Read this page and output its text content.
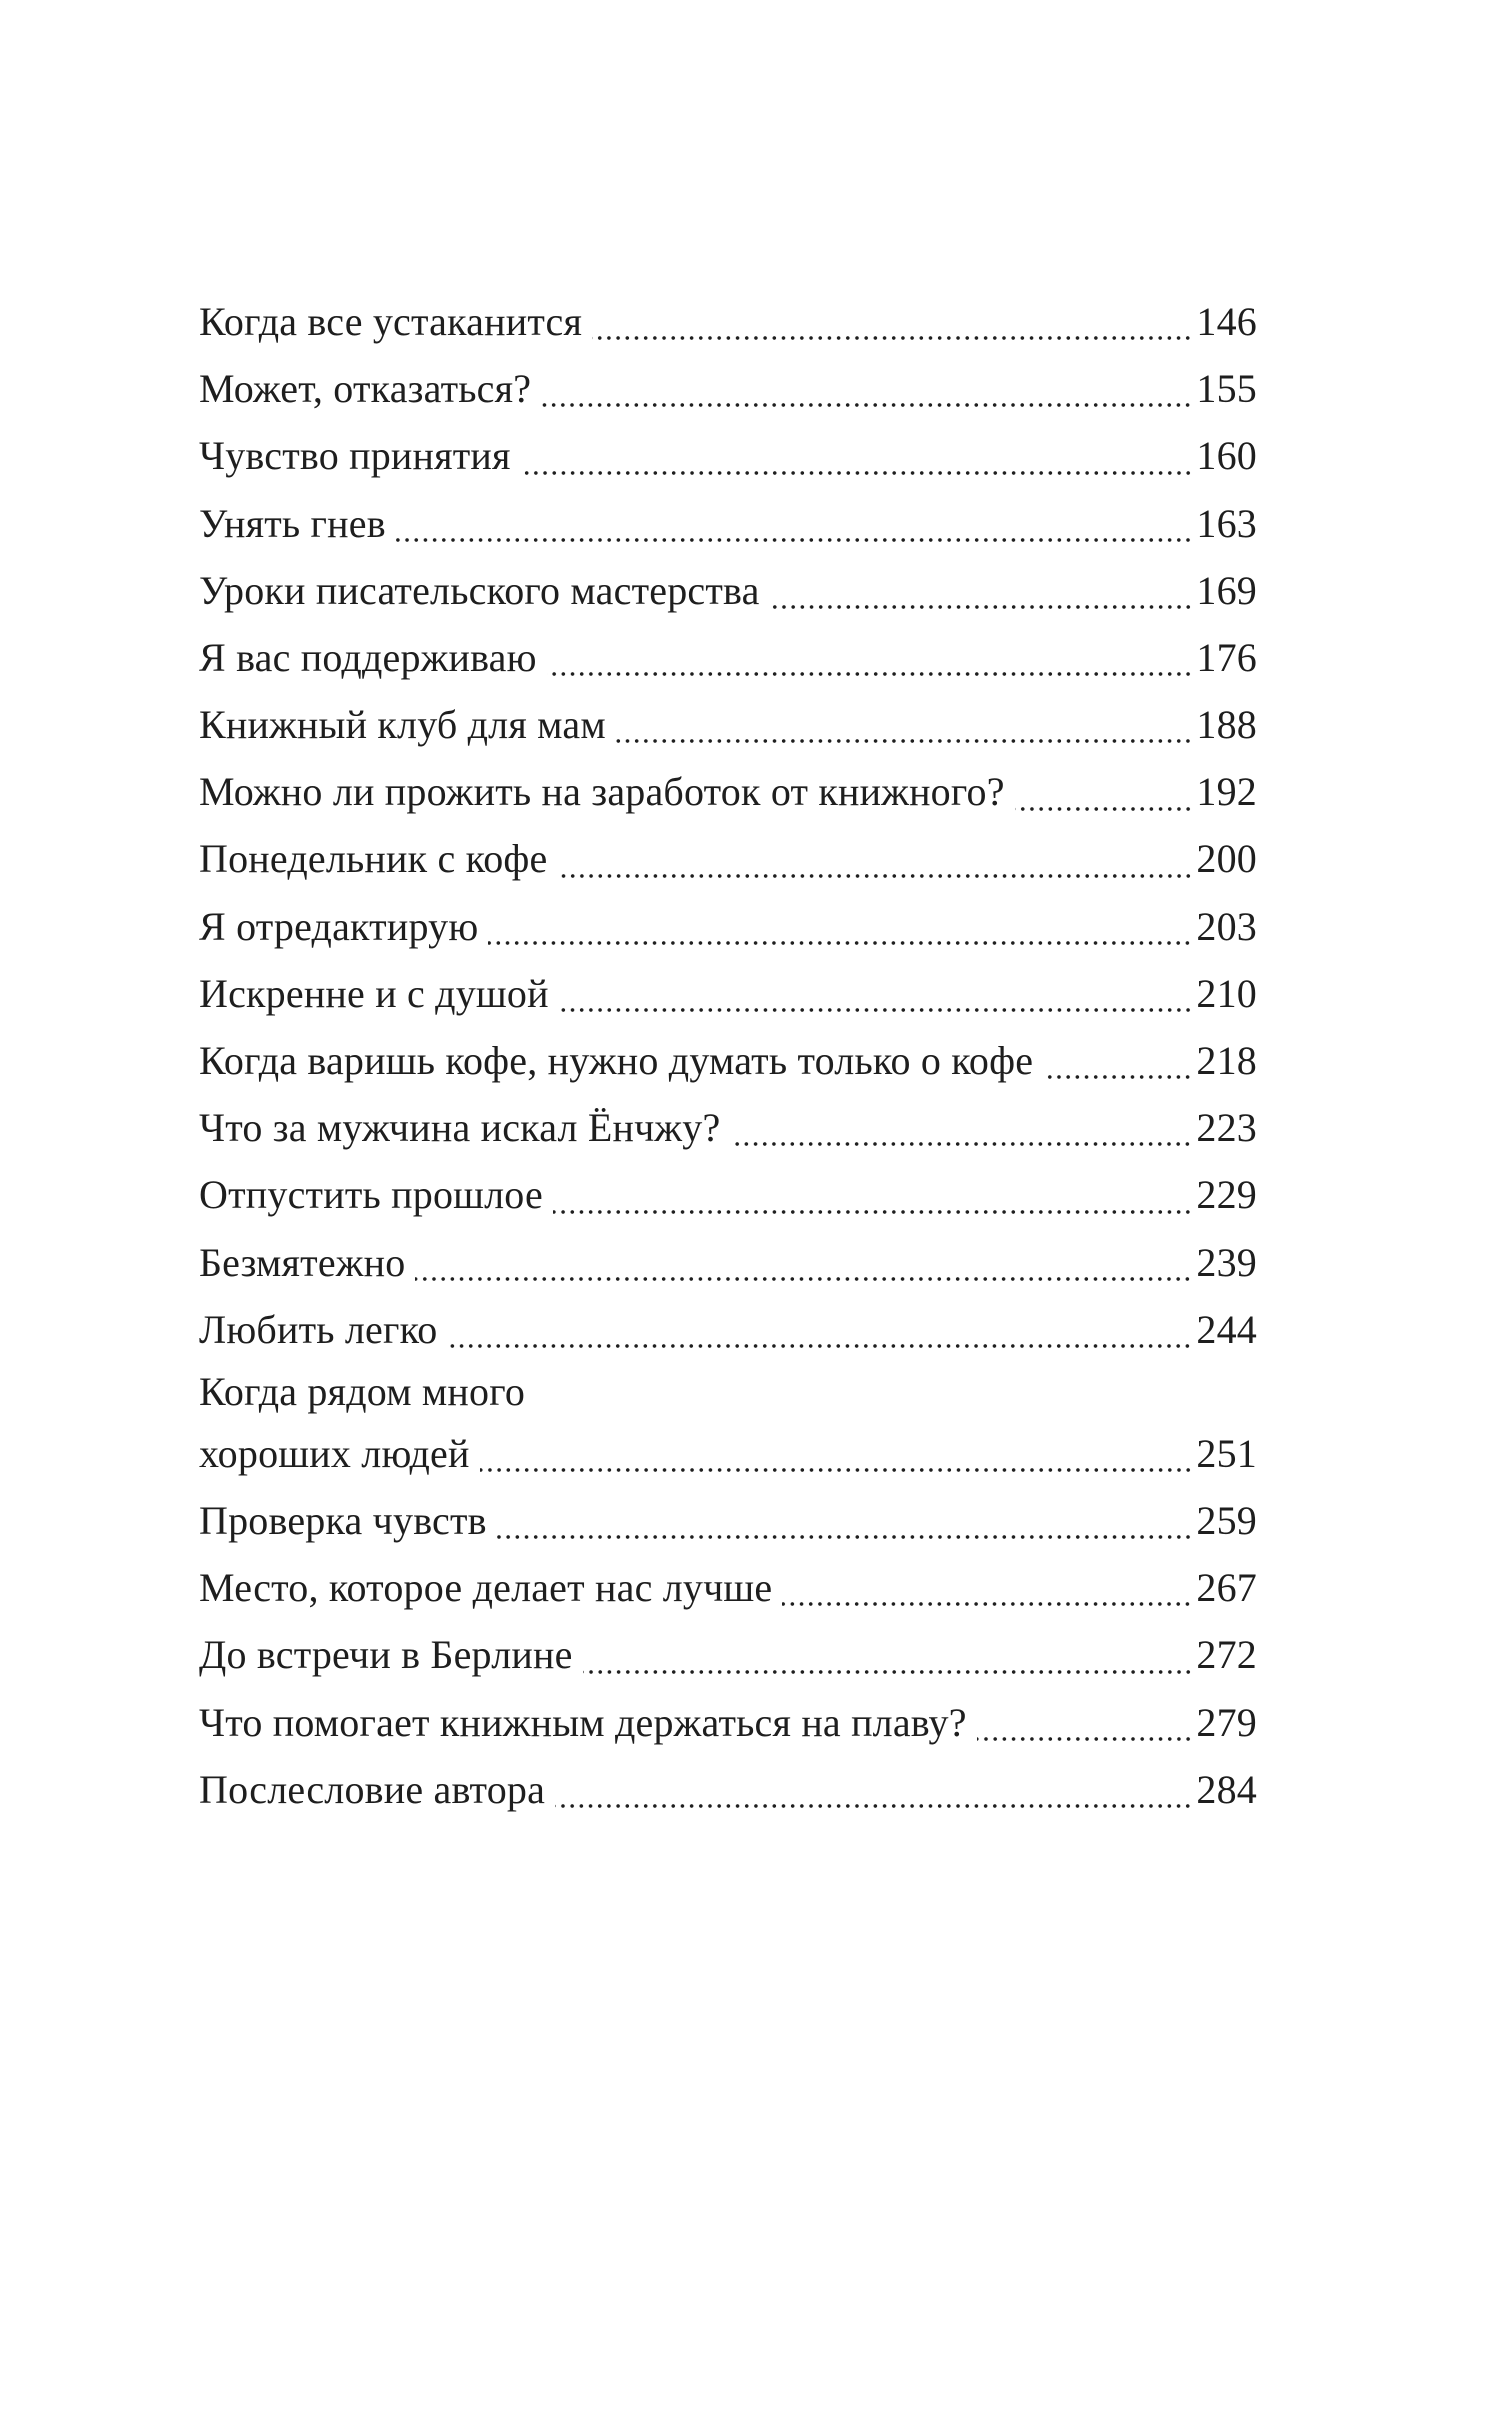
Когда все устаканится	146
Может, отказаться?	155
Чувство принятия	160
Унять гнев	163
Уроки писательского мастерства	169
Я вас поддерживаю	176
Книжный клуб для мам	188
Можно ли прожить на заработок от книжного?	192
Понедельник с кофе	200
Я отредактирую	203
Искренне и с душой	210
Когда варишь кофе, нужно думать только о кофе	218
Что за мужчина искал Ёнчжу?	223
Отпустить прошлое	229
Безмятежно	239
Любить легко	244
Когда рядом много
хороших людей	251
Проверка чувств	259
Место, которое делает нас лучше	267
До встречи в Берлине	272
Что помогает книжным держаться на плаву?	279
Послесловие автора	284
